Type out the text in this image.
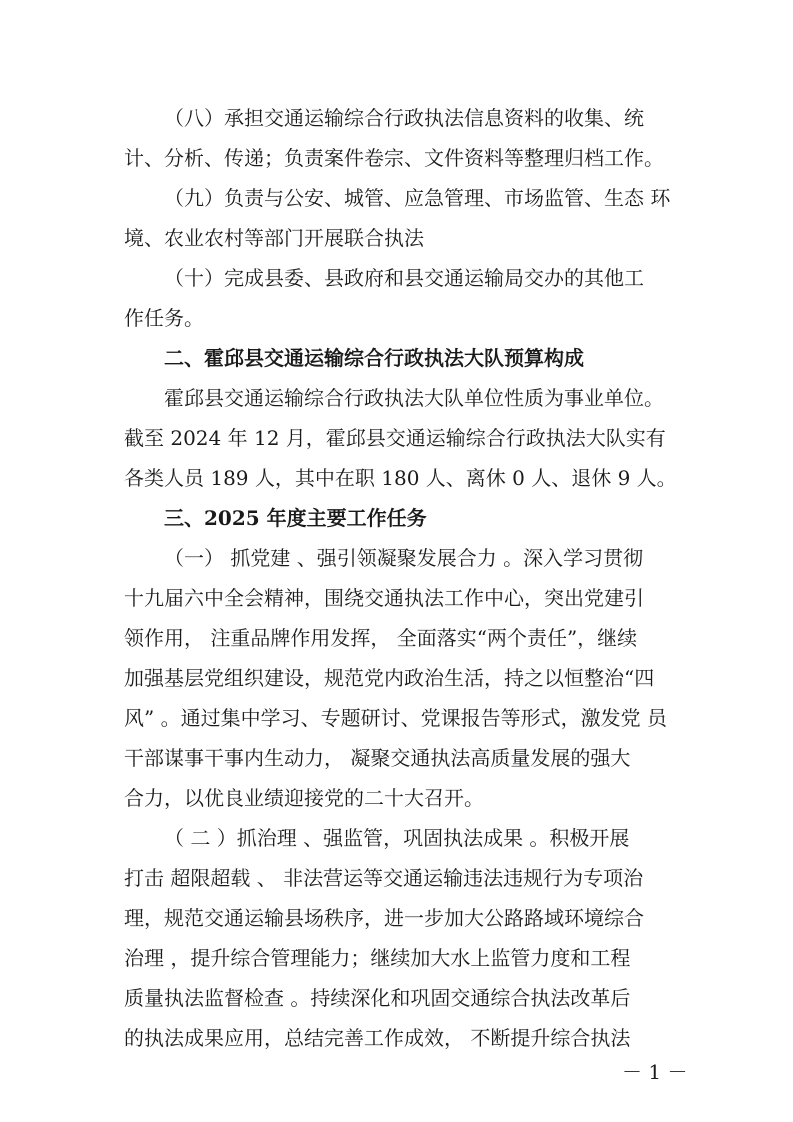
（八）承担交通运输综合行政执法信息资料的收集、统
计、分析、传递；负责案件卷宗、文件资料等整理归档工作。
（九）负责与公安、城管、应急管理、市场监管、生态 环
境、农业农村等部门开展联合执法
（十）完成县委、县政府和县交通运输局交办的其他工
作任务。
二、霍邱县交通运输综合行政执法大队预算构成
霍邱县交通运输综合行政执法大队单位性质为事业单位。
截至 2024 年 12 月，霍邱县交通运输综合行政执法大队实有
各类人员 189 人，其中在职 180 人、离休 0 人、退休 9 人。
三、2025 年度主要工作任务
（一） 抓党建 、强引领凝聚发展合力 。深入学习贯彻
十九届六中全会精神，围绕交通执法工作中心，突出党建引
领作用， 注重品牌作用发挥， 全面落实“两个责任”，继续
加强基层党组织建设，规范党内政治生活，持之以恒整治“四
风” 。通过集中学习、专题研讨、党课报告等形式，激发党 员
干部谋事干事内生动力， 凝聚交通执法高质量发展的强大
合力，以优良业绩迎接党的二十大召开。
（ 二 ）抓治理 、强监管，巩固执法成果 。积极开展
打击 超限超载 、 非法营运等交通运输违法违规行为专项治
理，规范交通运输县场秩序，进一步加大公路路域环境综合
治理 ，提升综合管理能力；继续加大水上监管力度和工程
质量执法监督检查 。持续深化和巩固交通综合执法改革后
的执法成果应用，总结完善工作成效， 不断提升综合执法
－ 1 －
